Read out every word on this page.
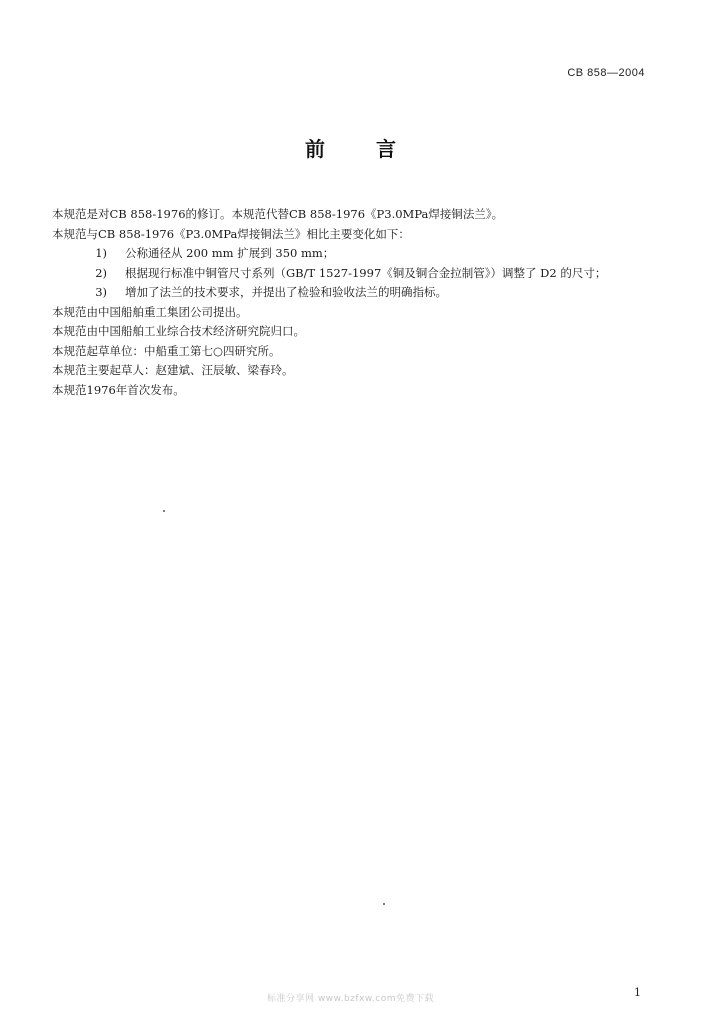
CB 858—2004
前 言

本规范是对CB 858-1976的修订。本规范代替CB 858-1976《P3.0MPa焊接铜法兰》。

本规范与CB 858-1976《P3.0MPa焊接铜法兰》相比主要变化如下：

1)	公称通径从 200 mm 扩展到 350 mm；
2)	根据现行标准中铜管尺寸系列（GB/T 1527-1997《铜及铜合金拉制管》）调整了 D2 的尺寸；
3)	增加了法兰的技术要求，并提出了检验和验收法兰的明确指标。

本规范由中国船舶重工集团公司提出。

本规范由中国船舶工业综合技术经济研究院归口。

本规范起草单位：中船重工第七○四研究所。

本规范主要起草人：赵建斌、汪辰敏、梁春玲。

本规范1976年首次发布。

1
标准分享网 www.bzfxw.com免费下载
